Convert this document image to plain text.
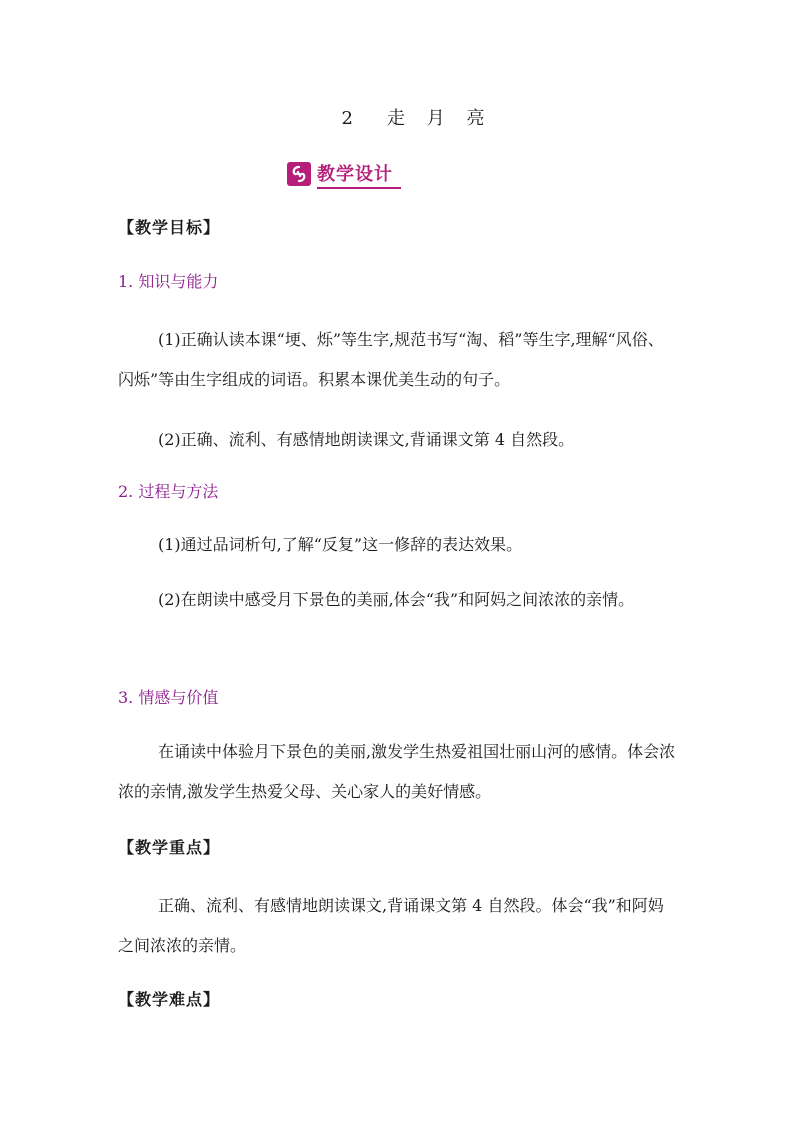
2　走 月 亮
教学设计
【教学目标】
1. 知识与能力

(1)正确认读本课“埂、烁”等生字,规范书写“淘、稻”等生字,理解“风俗、闪烁”等由生字组成的词语。积累本课优美生动的句子。

(2)正确、流利、有感情地朗读课文,背诵课文第 4 自然段。
2. 过程与方法
(1)通过品词析句,了解“反复”这一修辞的表达效果。

(2)在朗读中感受月下景色的美丽,体会“我”和阿妈之间浓浓的亲情。

3. 情感与价值

在诵读中体验月下景色的美丽,激发学生热爱祖国壮丽山河的感情。体会浓浓的亲情,激发学生热爱父母、关心家人的美好情感。

【教学重点】

正确、流利、有感情地朗读课文,背诵课文第 4 自然段。体会“我”和阿妈之间浓浓的亲情。

【教学难点】
